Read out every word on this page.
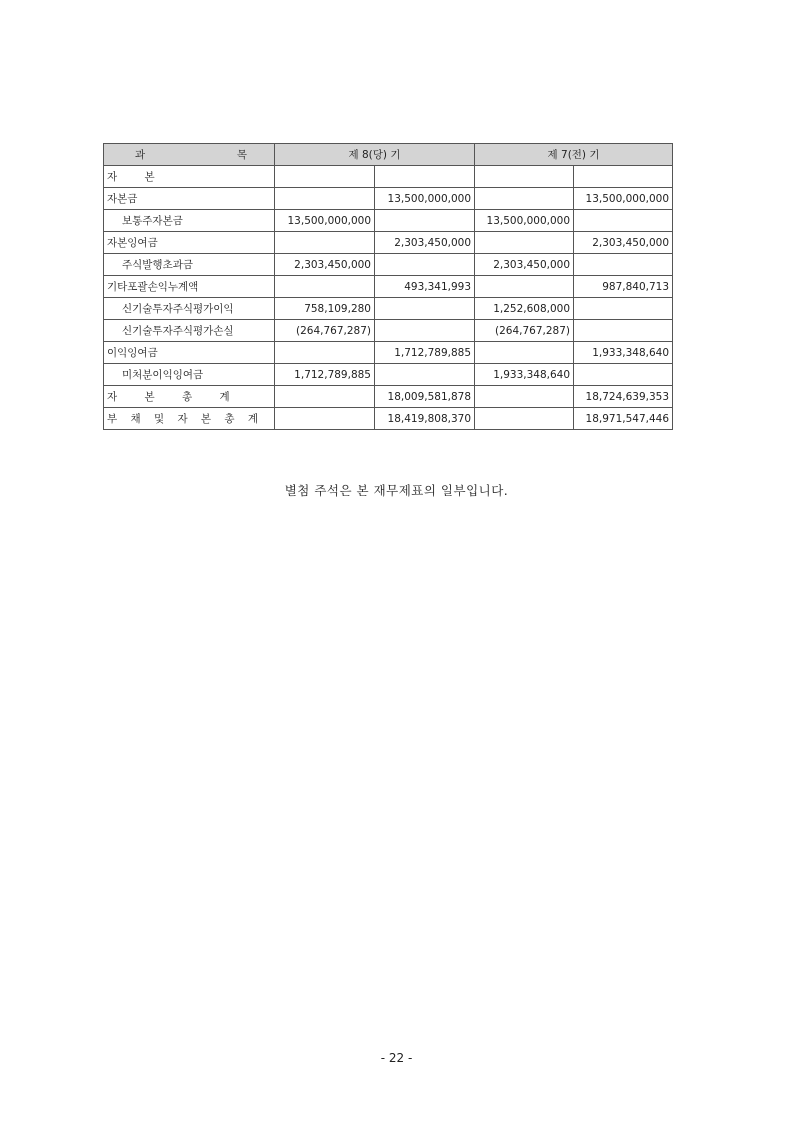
과 목	제 8(당) 기		제 7(전) 기	
자 본				
자본금		13,500,000,000		13,500,000,000
보통주자본금	13,500,000,000		13,500,000,000	
자본잉여금		2,303,450,000		2,303,450,000
주식발행초과금	2,303,450,000		2,303,450,000	
기타포괄손익누계액		493,341,993		987,840,713
신기술투자주식평가이익	758,109,280		1,252,608,000	
신기술투자주식평가손실	(264,767,287)		(264,767,287)	
이익잉여금		1,712,789,885		1,933,348,640
미처분이익잉여금	1,712,789,885		1,933,348,640	
자 본 총 계		18,009,581,878		18,724,639,353
부 채 및 자 본 총 계		18,419,808,370		18,971,547,446
별첨 주석은 본 재무제표의 일부입니다.
- 22 -
